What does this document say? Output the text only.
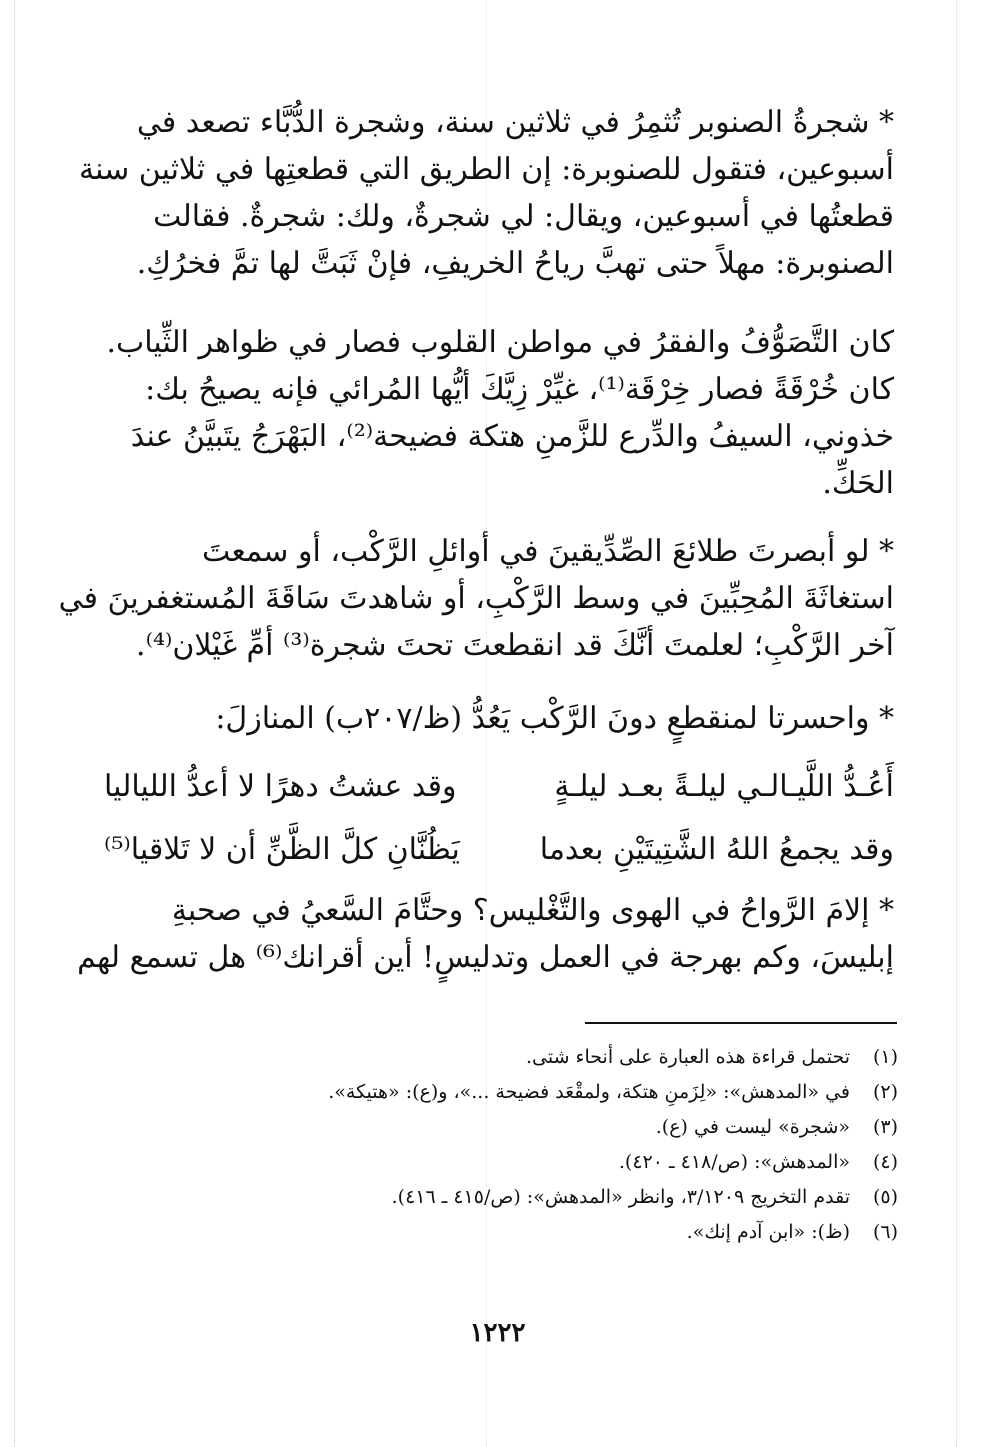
* شجرةُ الصنوبر تُثمِرُ في ثلاثين سنة، وشجرة الدُّبَّاء تصعد في
أسبوعين، فتقول للصنوبرة: إن الطريق التي قطعتِها في ثلاثين سنة
قطعتُها في أسبوعين، ويقال: لي شجرةٌ، ولك: شجرةٌ. فقالت
الصنوبرة: مهلاً حتى تهبَّ رياحُ الخريفِ، فإنْ ثَبَتَّ لها تمَّ فخرُكِ.
كان التَّصَوُّفُ والفقرُ في مواطن القلوب فصار في ظواهر الثِّياب.
كان خُرْقَةً فصار خِرْقَة⁽¹⁾، غيِّرْ زِيَّكَ أيُّها المُرائي فإنه يصيحُ بك:
خذوني، السيفُ والدِّرع للزَّمنِ هتكة فضيحة⁽²⁾، البَهْرَجُ يتَبيَّنُ عندَ
الحَكِّ.
* لو أبصرتَ طلائعَ الصِّدِّيقينَ في أوائلِ الرَّكْب، أو سمعتَ
استغاثَةَ المُحِبِّينَ في وسط الرَّكْبِ، أو شاهدتَ سَاقَةَ المُستغفرينَ في
آخر الرَّكْبِ؛ لعلمتَ أنَّكَ قد انقطعتَ تحتَ شجرة⁽³⁾ أمِّ غَيْلان⁽⁴⁾.
* واحسرتا لمنقطعٍ دونَ الرَّكْب يَعُدُّ (ظ/٢٠٧ب) المنازلَ:
أَعُـدُّ اللَّيـالـي ليلـةً بعـد ليلـةٍ
وقد عشتُ دهرًا لا أعدُّ اللياليا
وقد يجمعُ اللهُ الشَّتِيتَيْنِ بعدما
يَظُنَّانِ كلَّ الظَّنِّ أن لا تَلاقيا⁽⁵⁾
* إلامَ الرَّواحُ في الهوى والتَّغْليس؟ وحتَّامَ السَّعيُ في صحبةِ
إبليسَ، وكم بهرجة في العمل وتدليسٍ! أين أقرانك⁽⁶⁾ هل تسمع لهم
(١)تحتمل قراءة هذه العبارة على أنحاء شتى.
(٢)في «المدهش»: «لِزَمنِ هتكة، ولمقْعَد فضيحة ...»، و(ع): «هتيكة».
(٣)«شجرة» ليست في (ع).
(٤)«المدهش»: (ص/٤١٨ ـ ٤٢٠).
(٥)تقدم التخريج ٣/١٢٠٩، وانظر «المدهش»: (ص/٤١٥ ـ ٤١٦).
(٦)(ظ): «ابن آدم إنك».
١٢٢٢
